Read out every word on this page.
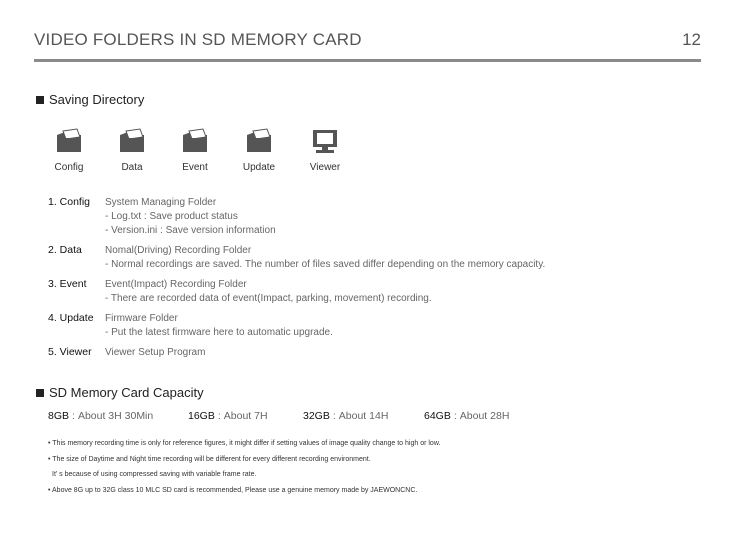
VIDEO FOLDERS IN SD MEMORY CARD	12
Saving Directory
Config	Data	Event	Update	Viewer
1. Config System Managing Folder
- Log.txt : Save product status
- Version.ini : Save version information
2. Data Nomal(Driving) Recording Folder
- Normal recordings are saved. The number of files saved differ depending on the memory capacity.
3. Event Event(Impact) Recording Folder
- There are recorded data of event(Impact, parking, movement) recording.
4. Update Firmware Folder
- Put the latest firmware here to automatic upgrade.
5. Viewer Viewer Setup Program
SD Memory Card Capacity
8GB : About 3H 30Min	16GB : About 7H	32GB : About 14H	64GB : About 28H
• This memory recording time is only for reference figures, it might differ if setting values of image quality change to high or low.
• The size of Daytime and Night time recording will be different for every different recording environment.
It' s because of using compressed saving with variable frame rate.
• Above 8G up to 32G class 10 MLC SD card is recommended, Please use a genuine memory made by JAEWONCNC.
